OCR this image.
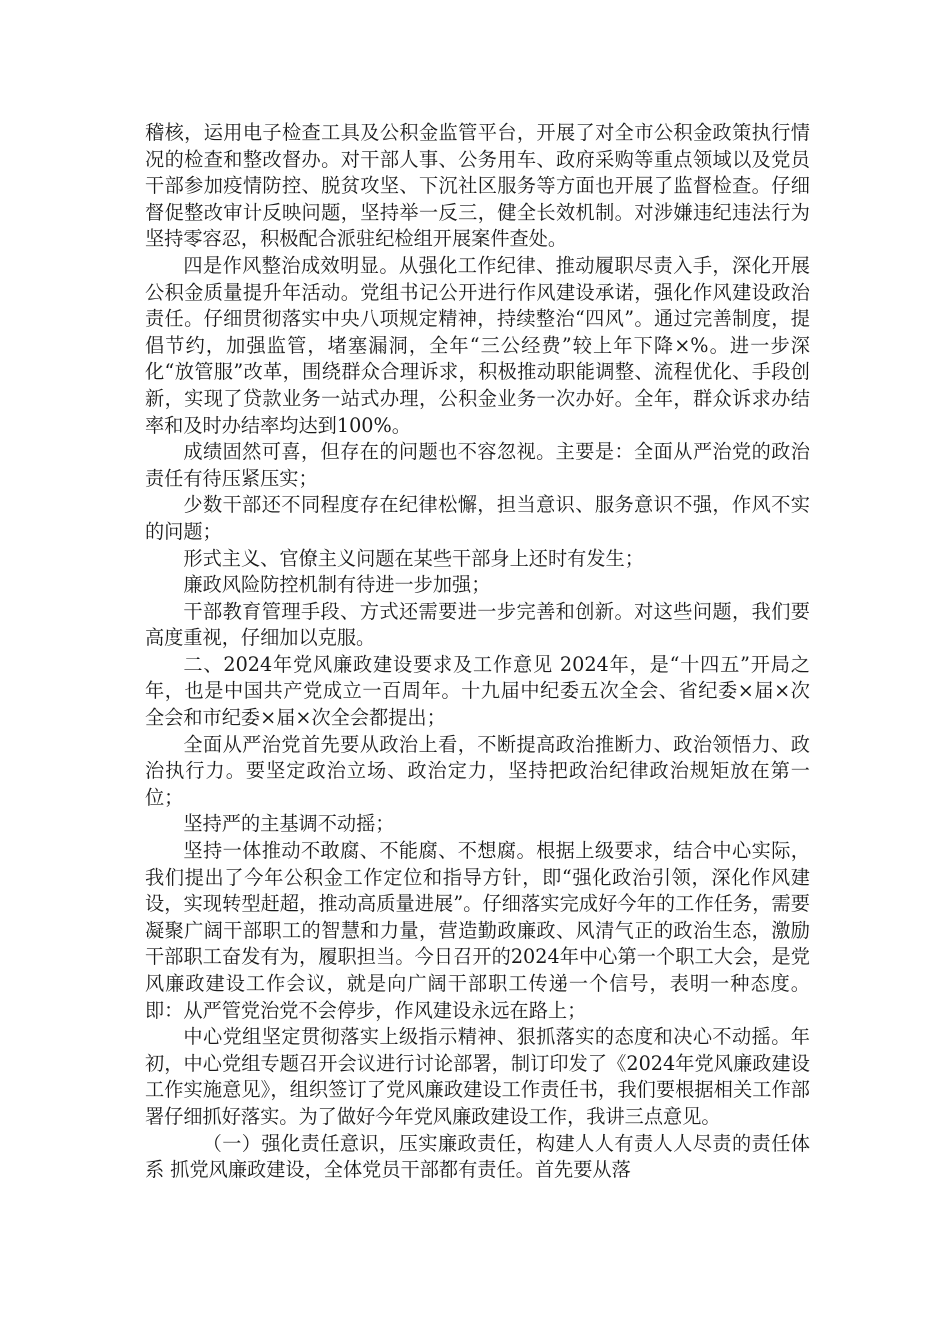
稽核，运用电子检查工具及公积金监管平台，开展了对全市公积金政策执行情况的检查和整改督办。对干部人事、公务用车、政府采购等重点领域以及党员干部参加疫情防控、脱贫攻坚、下沉社区服务等方面也开展了监督检查。仔细督促整改审计反映问题，坚持举一反三，健全长效机制。对涉嫌违纪违法行为坚持零容忍，积极配合派驻纪检组开展案件查处。

四是作风整治成效明显。从强化工作纪律、推动履职尽责入手，深化开展公积金质量提升年活动。党组书记公开进行作风建设承诺，强化作风建设政治责任。仔细贯彻落实中央八项规定精神，持续整治“四风”。通过完善制度，提倡节约，加强监管，堵塞漏洞，全年“三公经费”较上年下降×%。进一步深化“放管服”改革，围绕群众合理诉求，积极推动职能调整、流程优化、手段创新，实现了贷款业务一站式办理，公积金业务一次办好。全年，群众诉求办结率和及时办结率均达到100%。

成绩固然可喜，但存在的问题也不容忽视。主要是：全面从严治党的政治责任有待压紧压实；

少数干部还不同程度存在纪律松懈，担当意识、服务意识不强，作风不实的问题；

形式主义、官僚主义问题在某些干部身上还时有发生；

廉政风险防控机制有待进一步加强；

干部教育管理手段、方式还需要进一步完善和创新。对这些问题，我们要高度重视，仔细加以克服。

二、2024年党风廉政建设要求及工作意见 2024年，是“十四五”开局之年，也是中国共产党成立一百周年。十九届中纪委五次全会、省纪委×届×次全会和市纪委×届×次全会都提出；

全面从严治党首先要从政治上看，不断提高政治推断力、政治领悟力、政治执行力。要坚定政治立场、政治定力，坚持把政治纪律政治规矩放在第一位；

坚持严的主基调不动摇；

坚持一体推动不敢腐、不能腐、不想腐。根据上级要求，结合中心实际，我们提出了今年公积金工作定位和指导方针，即“强化政治引领，深化作风建设，实现转型赶超，推动高质量进展”。仔细落实完成好今年的工作任务，需要凝聚广阔干部职工的智慧和力量，营造勤政廉政、风清气正的政治生态，激励干部职工奋发有为，履职担当。今日召开的2024年中心第一个职工大会，是党风廉政建设工作会议，就是向广阔干部职工传递一个信号，表明一种态度。即：从严管党治党不会停步，作风建设永远在路上；

中心党组坚定贯彻落实上级指示精神、狠抓落实的态度和决心不动摇。年初，中心党组专题召开会议进行讨论部署，制订印发了《2024年党风廉政建设工作实施意见》，组织签订了党风廉政建设工作责任书，我们要根据相关工作部署仔细抓好落实。为了做好今年党风廉政建设工作，我讲三点意见。

（一）强化责任意识，压实廉政责任，构建人人有责人人尽责的责任体系 抓党风廉政建设，全体党员干部都有责任。首先要从落
